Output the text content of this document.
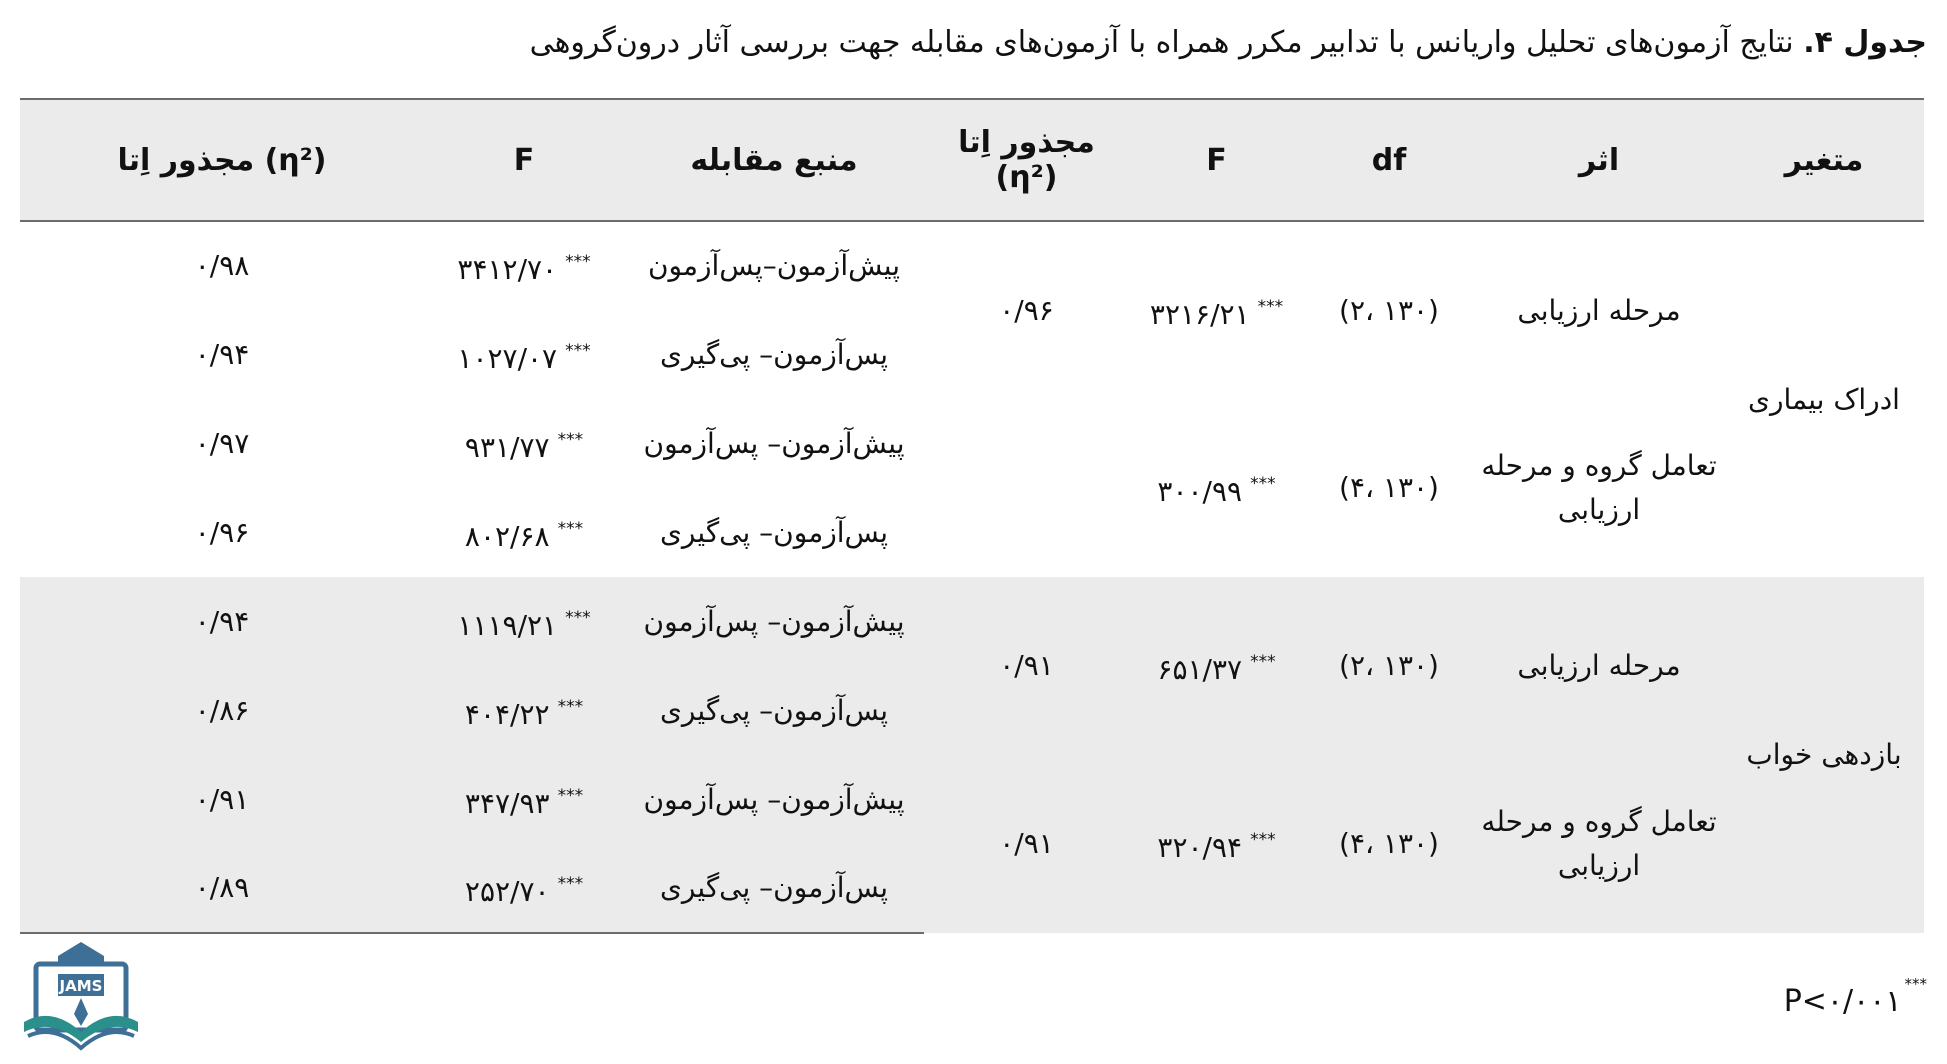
جدول ۴. نتایج آزمون‌های تحلیل واریانس با تدابیر مکرر همراه با آزمون‌های مقابله جهت بررسی آثار درون‌گروهی
متغیر	اثر	df	F	مجذور اِتا (η²)	منبع مقابله	F	مجذور اِتا (η²)
ادراک بیماری	مرحله ارزیابی	(۲، ۱۳۰)	***۳۲۱۶/۲۱	۰/۹۶	پیش‌آزمون–پس‌آزمون	***۳۴۱۲/۷۰	۰/۹۸
					پس‌آزمون– پی‌گیری	***۱۰۲۷/۰۷	۰/۹۴
	تعامل گروه و مرحله ارزیابی	(۴، ۱۳۰)	***۳۰۰/۹۹		پیش‌آزمون– پس‌آزمون	***۹۳۱/۷۷	۰/۹۷
					پس‌آزمون– پی‌گیری	***۸۰۲/۶۸	۰/۹۶
بازدهی خواب	مرحله ارزیابی	(۲، ۱۳۰)	***۶۵۱/۳۷	۰/۹۱	پیش‌آزمون– پس‌آزمون	***۱۱۱۹/۲۱	۰/۹۴
					پس‌آزمون– پی‌گیری	***۴۰۴/۲۲	۰/۸۶
	تعامل گروه و مرحله ارزیابی	(۴، ۱۳۰)	***۳۲۰/۹۴	۰/۹۱	پیش‌آزمون– پس‌آزمون	***۳۴۷/۹۳	۰/۹۱
					پس‌آزمون– پی‌گیری	***۲۵۲/۷۰	۰/۸۹
JAMS	P<۰/۰۰۱ ***
